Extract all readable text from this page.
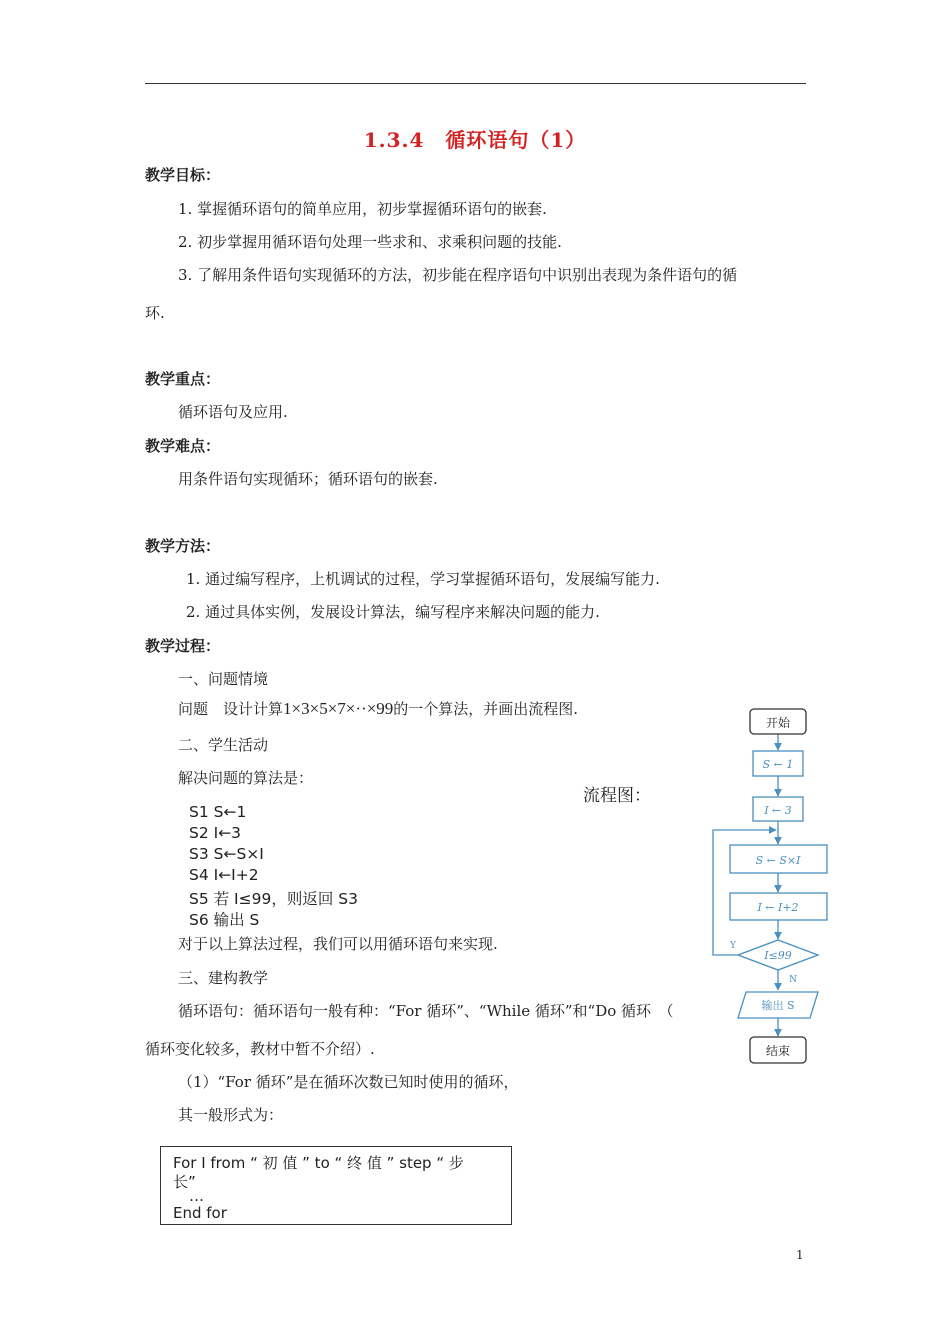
1.3.4　循环语句（1）
教学目标：
1. 掌握循环语句的简单应用，初步掌握循环语句的嵌套.
2. 初步掌握用循环语句处理一些求和、求乘积问题的技能.
3. 了解用条件语句实现循环的方法，初步能在程序语句中识别出表现为条件语句的循
环.
教学重点：
循环语句及应用.
教学难点：
用条件语句实现循环；循环语句的嵌套.
教学方法：
1. 通过编写程序，上机调试的过程，学习掌握循环语句，发展编写能力.
2. 通过具体实例，发展设计算法，编写程序来解决问题的能力.
教学过程：
一、问题情境
问题　设计计算1×3×5×7×··×99的一个算法，并画出流程图.
二、学生活动
解决问题的算法是：
S1 S←1
S2 I←3
S3 S←S×I
S4 I←I+2
S5 若 I≤99，则返回 S3
S6 输出 S
对于以上算法过程，我们可以用循环语句来实现.
三、建构教学
循环语句：循环语句一般有种：“For 循环”、“While 循环”和“Do 循环　（
循环变化较多，教材中暂不介绍）.
（1）“For 循环”是在循环次数已知时使用的循环，
其一般形式为：
流程图：
开始
S ← 1
I ← 3
S ← S×I
I ← I+2
I≤99
Y
N
输出 S
结束
For I from “ 初 值 ” to “ 终 值 ” step “ 步
长”
…
End for
1
